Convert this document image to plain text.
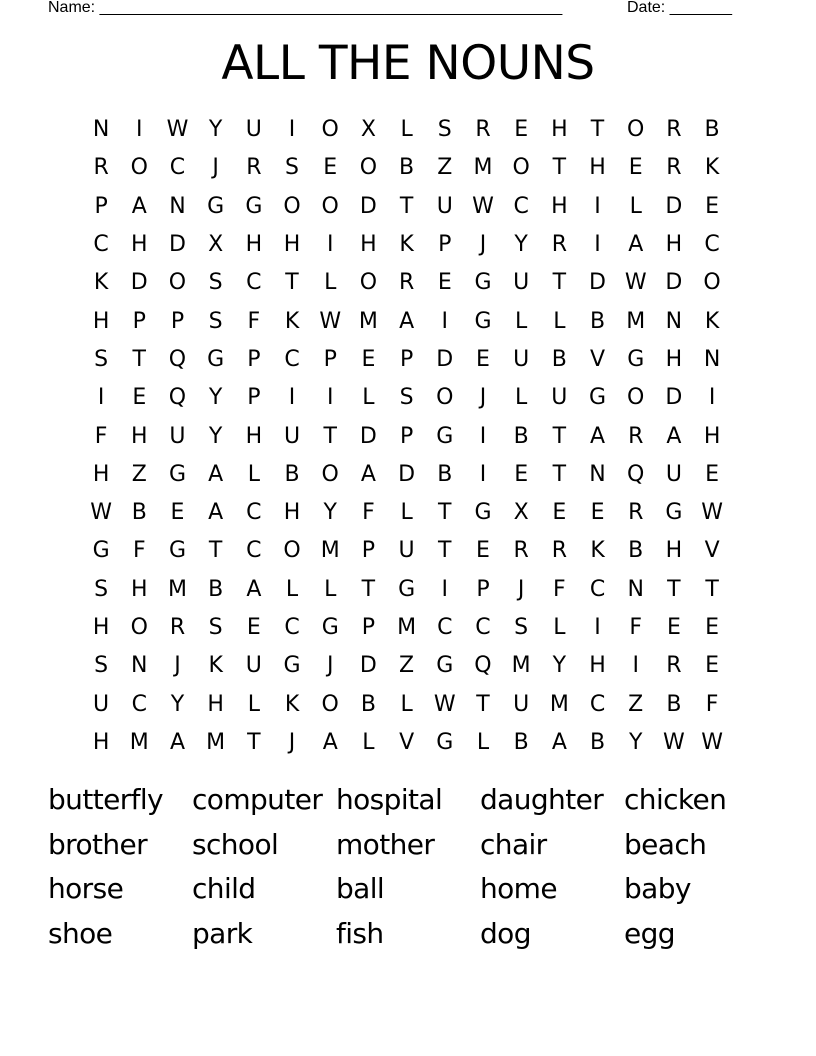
Name: ____________________________________________________	Date: _______
ALL THE NOUNS
N	I	W Y	U	I	O X	L	S	R	E	H	T	O R	B
R O C	J	R	S	E	O B	Z M O	T	H	E	R	K
P	A	N G G O O D	T	U W C	H	I	L	D	E
C	H D	X	H H	I	H	K	P	J	Y	R	I	A	H	C
K	D O	S	C	T	L	O R	E	G U	T	D W D O
H	P	P	S	F	K W M A	I	G	L	L	B M N	K
S	T	Q G	P	C	P	E	P	D	E	U	B	V	G H N
I	E	Q	Y	P	I	I	L	S	O	J	L	U G O D	I
F	H U	Y	H U	T	D	P	G	I	B	T	A	R	A	H
H	Z	G	A	L	B O	A	D	B	I	E	T	N Q U	E
W B	E	A	C	H	Y	F	L	T	G	X	E	E	R	G W
G	F	G	T	C O M	P	U	T	E	R	R	K	B	H	V
S	H M B	A	L	L	T	G	I	P	J	F	C	N	T	T
H O R	S	E	C G	P	M C	C	S	L	I	F	E	E
S	N	J	K	U G	J	D	Z	G Q M Y	H	I	R	E
U	C	Y	H	L	K	O B	L W T	U M C	Z	B	F
H M A M T	J	A	L	V	G	L	B	A	B	Y W W
butterfly	computer hospital	daughter chicken
brother	school	mother	chair	beach
horse	child	ball	home	baby
shoe	park	fish	dog	egg
